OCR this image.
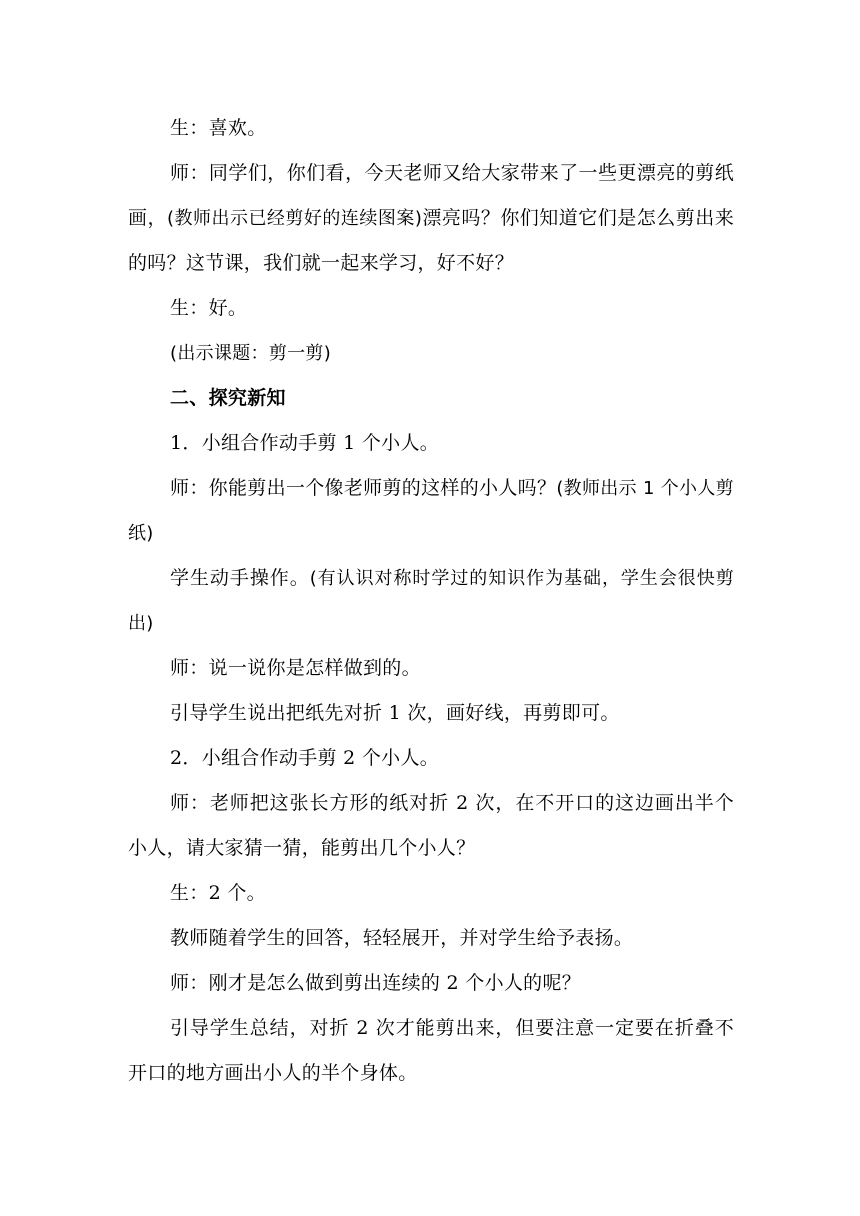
生：喜欢。

师：同学们，你们看，今天老师又给大家带来了一些更漂亮的剪纸画，(教师出示已经剪好的连续图案)漂亮吗？你们知道它们是怎么剪出来的吗？这节课，我们就一起来学习，好不好？

生：好。

(出示课题：剪一剪)

二、探究新知

1．小组合作动手剪 1 个小人。

师：你能剪出一个像老师剪的这样的小人吗？(教师出示 1 个小人剪纸)

学生动手操作。(有认识对称时学过的知识作为基础，学生会很快剪出)

师：说一说你是怎样做到的。

引导学生说出把纸先对折 1 次，画好线，再剪即可。

2．小组合作动手剪 2 个小人。

师：老师把这张长方形的纸对折 2 次，在不开口的这边画出半个小人，请大家猜一猜，能剪出几个小人？

生：2 个。

教师随着学生的回答，轻轻展开，并对学生给予表扬。

师：刚才是怎么做到剪出连续的 2 个小人的呢？

引导学生总结，对折 2 次才能剪出来，但要注意一定要在折叠不开口的地方画出小人的半个身体。
